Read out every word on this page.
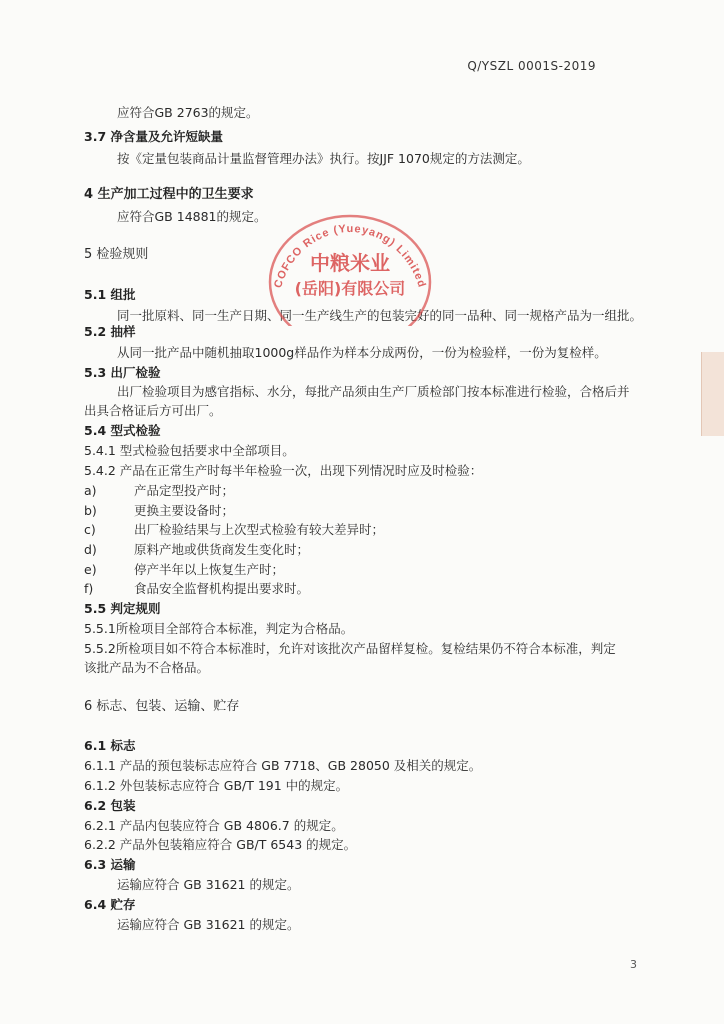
Q/YSZL 0001S-2019
应符合GB 2763的规定。
3.7 净含量及允许短缺量
按《定量包装商品计量监督管理办法》执行。按JJF 1070规定的方法测定。
4 生产加工过程中的卫生要求
应符合GB 14881的规定。
5 检验规则
5.1 组批
同一批原料、同一生产日期、同一生产线生产的包装完好的同一品种、同一规格产品为一组批。
5.2 抽样
从同一批产品中随机抽取1000g样品作为样本分成两份，一份为检验样，一份为复检样。
5.3 出厂检验
出厂检验项目为感官指标、水分，每批产品须由生产厂质检部门按本标准进行检验，合格后并
出具合格证后方可出厂。
5.4 型式检验
5.4.1 型式检验包括要求中全部项目。
5.4.2 产品在正常生产时每半年检验一次，出现下列情况时应及时检验：
a)	产品定型投产时；
b)	更换主要设备时；
c)	出厂检验结果与上次型式检验有较大差异时；
d)	原料产地或供货商发生变化时；
e)	停产半年以上恢复生产时；
f)	食品安全监督机构提出要求时。
5.5 判定规则
5.5.1所检项目全部符合本标准，判定为合格品。
5.5.2所检项目如不符合本标准时，允许对该批次产品留样复检。复检结果仍不符合本标准，判定
该批产品为不合格品。
6 标志、包装、运输、贮存
6.1 标志
6.1.1 产品的预包装标志应符合 GB 7718、GB 28050 及相关的规定。
6.1.2 外包装标志应符合 GB/T 191 中的规定。
6.2 包装
6.2.1 产品内包装应符合 GB 4806.7 的规定。
6.2.2 产品外包装箱应符合 GB/T 6543 的规定。
6.3 运输
运输应符合 GB 31621 的规定。
6.4 贮存
运输应符合 GB 31621 的规定。
COFCO Rice (Yueyang) Limited
中粮米业
(岳阳)有限公司
3
